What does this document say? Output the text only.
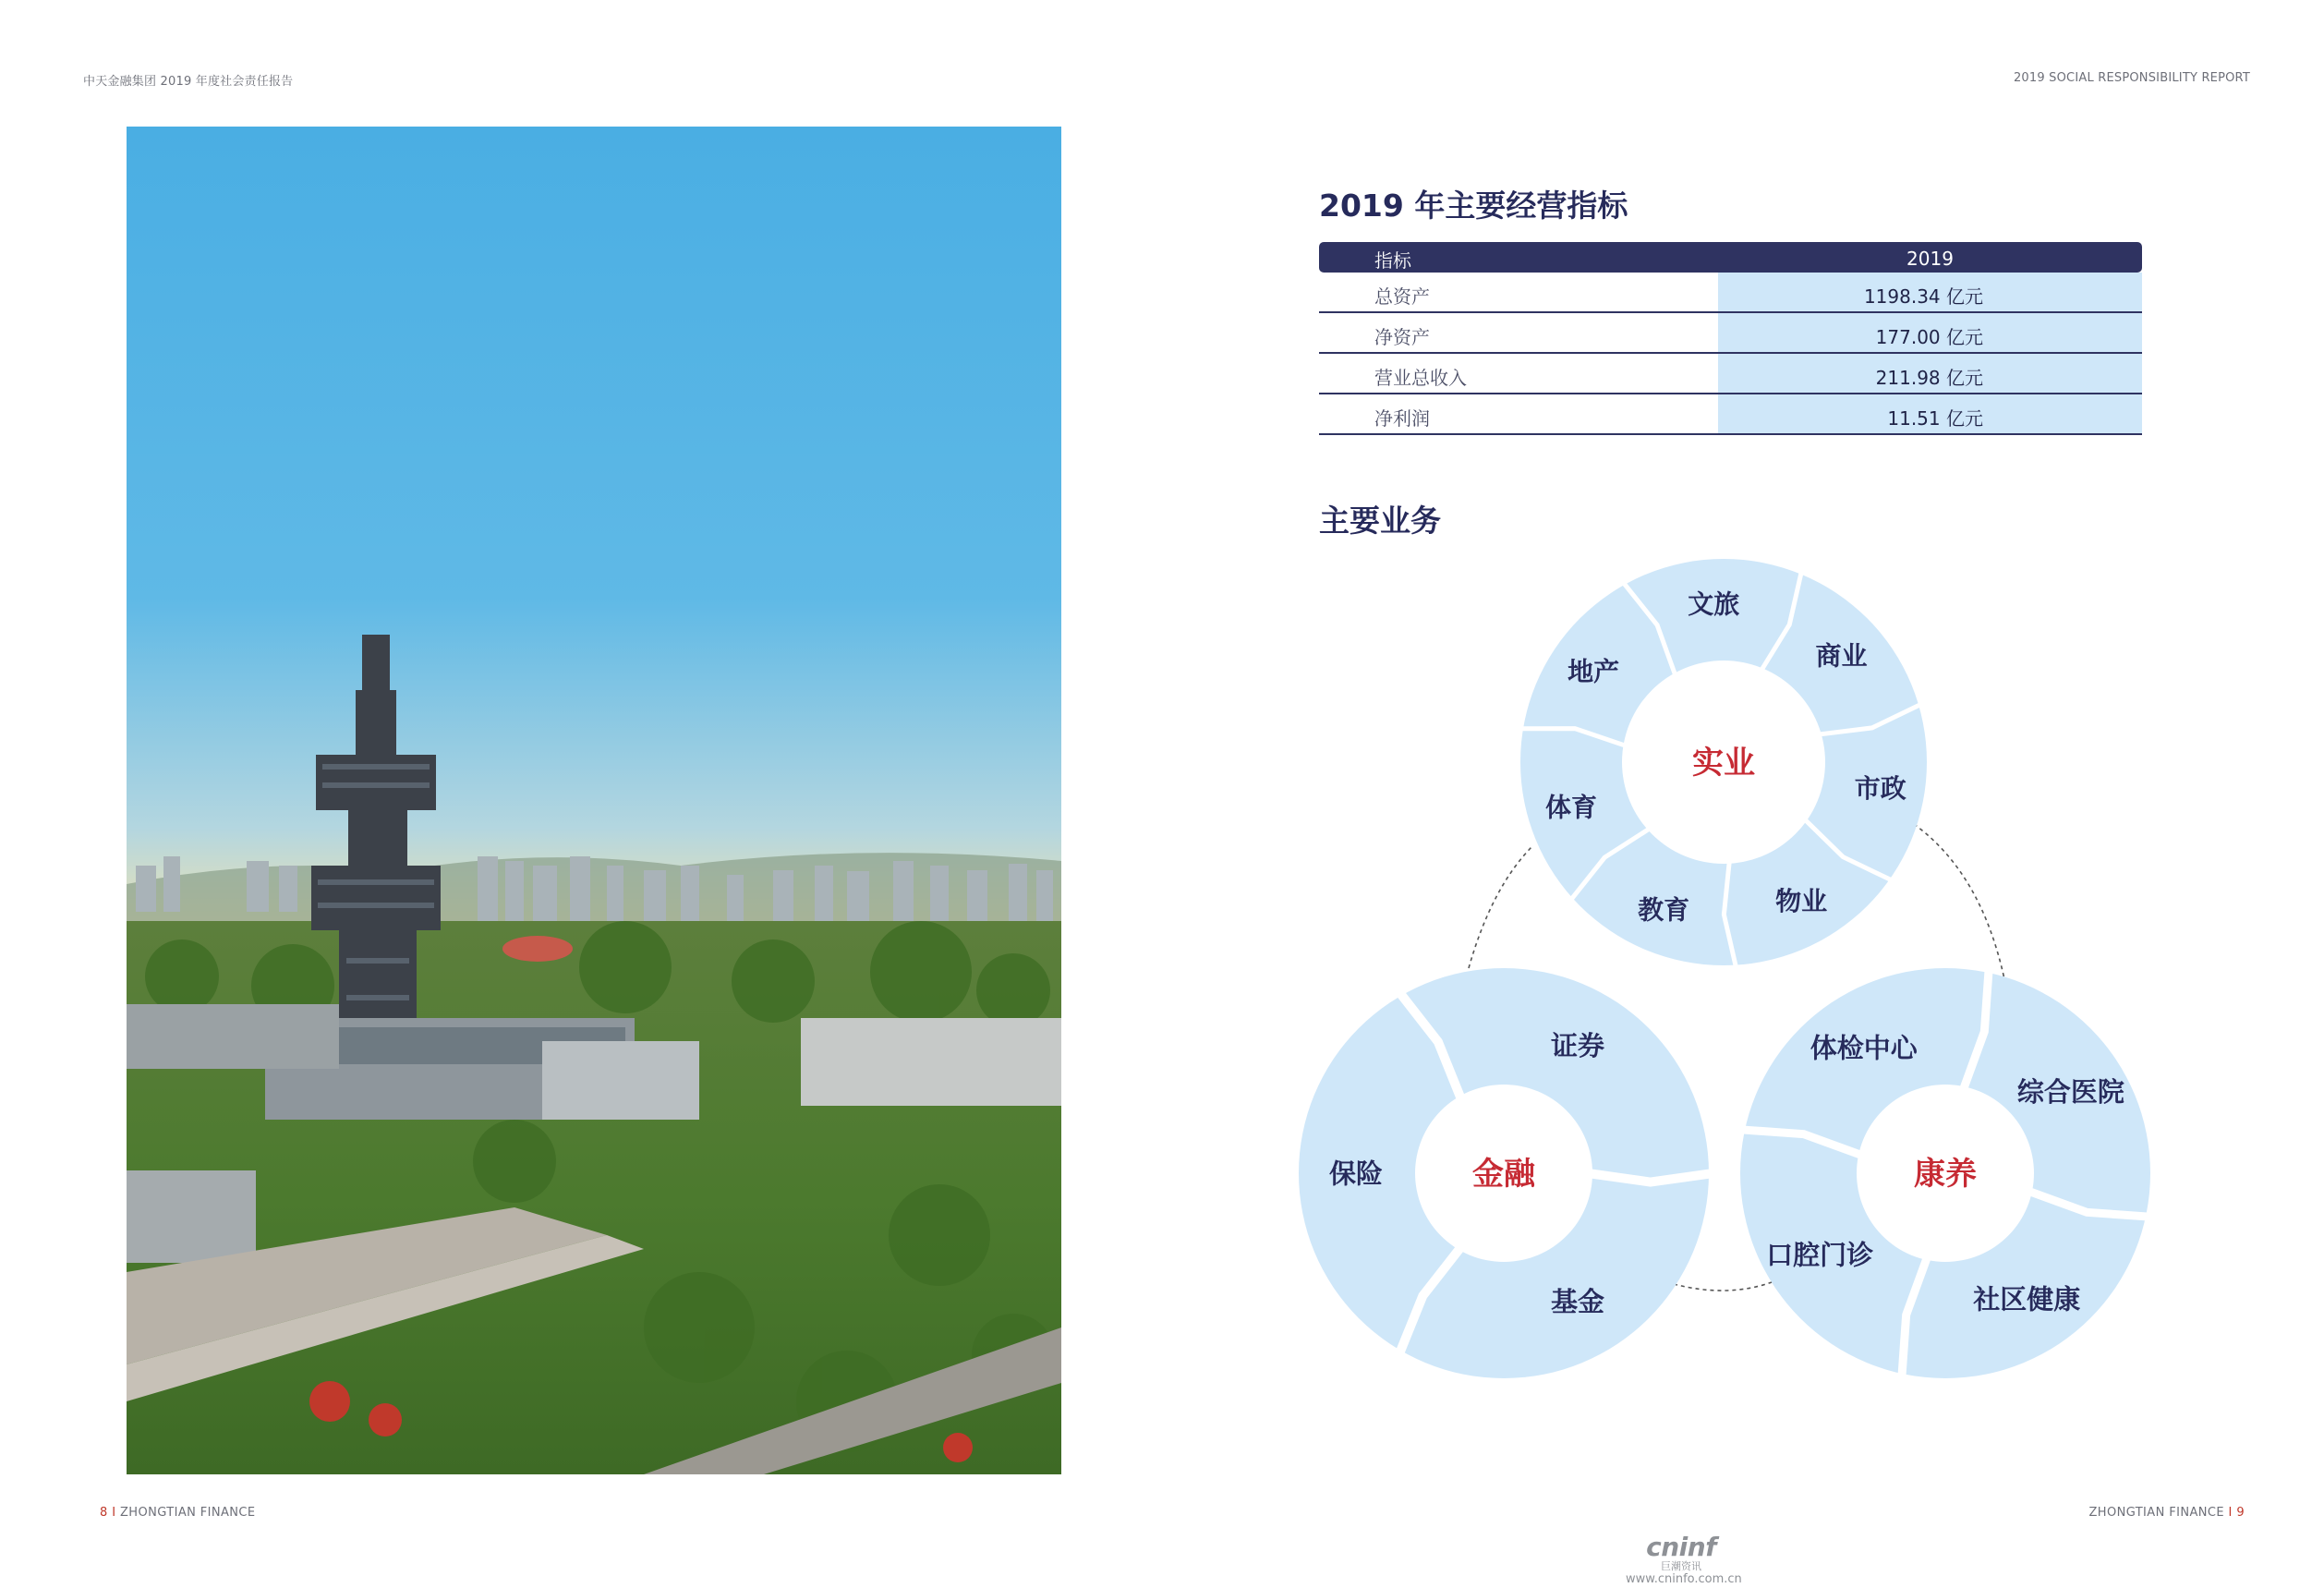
中天金融集团 2019 年度社会责任报告	2019 SOCIAL RESPONSIBILITY REPORT
2019 年主要经营指标
指标	2019
总资产	1198.34 亿元
净资产	177.00 亿元
营业总收入	211.98 亿元
净利润	11.51 亿元
主要业务
实业
地产
文旅
商业
市政
物业
教育
体育
金融
证券
基金
保险	康养
综合医院
社区健康
口腔门诊
体检中心
8 I ZHONGTIAN FINANCE	ZHONGTIAN FINANCE I 9
cninf
巨潮资讯
www.cninfo.com.cn
